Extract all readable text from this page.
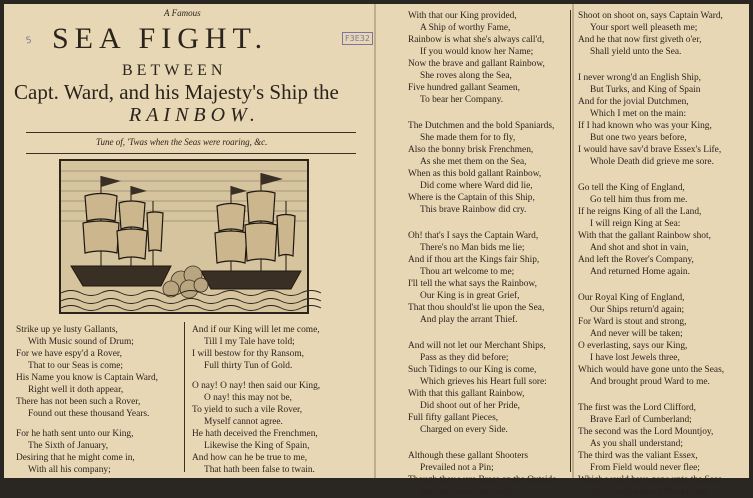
5	F3E32
A Famous
SEA FIGHT.
BETWEEN
Capt. Ward, and his Majesty's Ship the
RAINBOW.
Tune of, 'Twas when the Seas were roaring, &c.
Strike up ye lusty Gallants,
With Music sound of Drum;
For we have espy'd a Rover,
That to our Seas is come;
His Name you know is Captain Ward,
Right well it doth appear,
There has not been such a Rover,
Found out these thousand Years.
For he hath sent unto our King,
The Sixth of January,
Desiring that he might come in,
With all his company;
And if our King will let me come,
Till I my Tale have told;
I will bestow for thy Ransom,
Full thirty Tun of Gold.
O nay! O nay! then said our King,
O nay! this may not be,
To yield to such a vile Rover,
Myself cannot agree.
He hath deceived the Frenchmen,
Likewise the King of Spain,
And how can he be true to me,
That hath been false to twain.
With that our King provided,
A Ship of worthy Fame,
Rainbow is what she's always call'd,
If you would know her Name;
Now the brave and gallant Rainbow,
She roves along the Sea,
Five hundred gallant Seamen,
To bear her Company.
The Dutchmen and the bold Spaniards,
She made them for to fly,
Also the bonny brisk Frenchmen,
As she met them on the Sea,
When as this bold gallant Rainbow,
Did come where Ward did lie,
Where is the Captain of this Ship,
This brave Rainbow did cry.
Oh! that's I says the Captain Ward,
There's no Man bids me lie;
And if thou art the Kings fair Ship,
Thou art welcome to me;
I'll tell the what says the Rainbow,
Our King is in great Grief,
That thou should'st lie upon the Sea,
And play the arrant Thief.
And will not let our Merchant Ships,
Pass as they did before;
Such Tidings to our King is come,
Which grieves his Heart full sore:
With that this gallant Rainbow,
Did shoot out of her Pride,
Full fifty gallant Pieces,
Charged on every Side.
Although these gallant Shooters
Prevailed not a Pin;
Though they were Brass on the Outside
Yet Ward was Steel within:
Shoot on shoot on, says Captain Ward,
Your sport well pleaseth me;
And he that now first giveth o'er,
Shall yield unto the Sea.
I never wrong'd an English Ship,
But Turks, and King of Spain
And for the jovial Dutchmen,
Which I met on the main:
If I had known who was your King,
But one two years before,
I would have sav'd brave Essex's Life,
Whole Death did grieve me sore.
Go tell the King of England,
Go tell him thus from me.
If he reigns King of all the Land,
I will reign King at Sea:
With that the gallant Rainbow shot,
And shot and shot in vain,
And left the Rover's Company,
And returned Home again.
Our Royal King of England,
Our Ships return'd again;
For Ward is stout and strong,
And never will be taken;
O everlasting, says our King,
I have lost Jewels three,
Which would have gone unto the Seas,
And brought proud Ward to me.
The first was the Lord Clifford,
Brave Earl of Cumberland;
The second was the Lord Mountjoy,
As you shall understand;
The third was the valiant Essex,
From Field would never flee;
Which would have gone unto the Seas,
And brought proud Ward to me.
